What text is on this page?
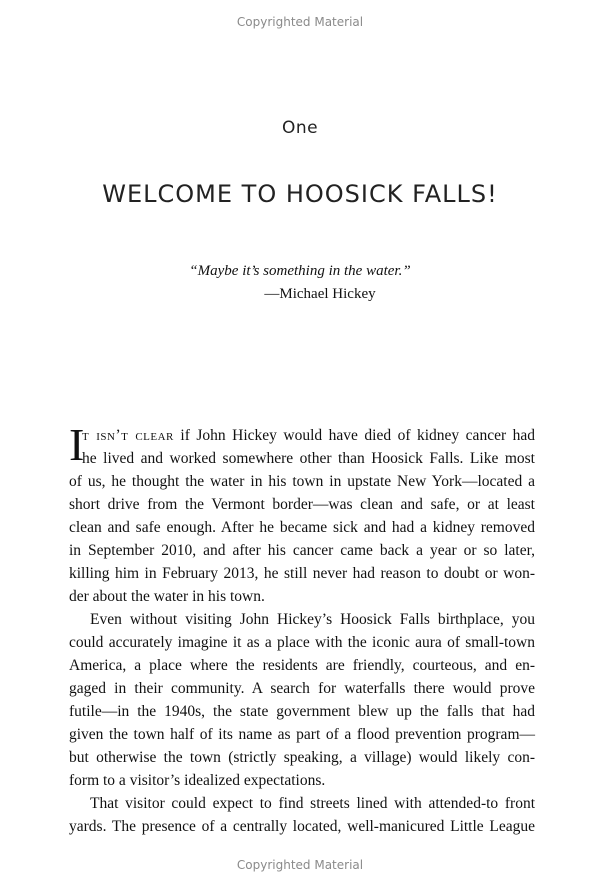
Copyrighted Material
One
WELCOME TO HOOSICK FALLS!
“Maybe it’s something in the water.”
—Michael Hickey
I
t isn’t clear if John Hickey would have died of kidney cancer had
he lived and worked somewhere other than Hoosick Falls. Like most
of us, he thought the water in his town in upstate New York—located a
short drive from the Vermont border—was clean and safe, or at least
clean and safe enough. After he became sick and had a kidney removed
in September 2010, and after his cancer came back a year or so later,
killing him in February 2013, he still never had reason to doubt or won-
der about the water in his town.
Even without visiting John Hickey’s Hoosick Falls birthplace, you
could accurately imagine it as a place with the iconic aura of small-town
America, a place where the residents are friendly, courteous, and en-
gaged in their community. A search for waterfalls there would prove
futile—in the 1940s, the state government blew up the falls that had
given the town half of its name as part of a flood prevention program—
but otherwise the town (strictly speaking, a village) would likely con-
form to a visitor’s idealized expectations.
That visitor could expect to find streets lined with attended-to front
yards. The presence of a centrally located, well-manicured Little League
Copyrighted Material
